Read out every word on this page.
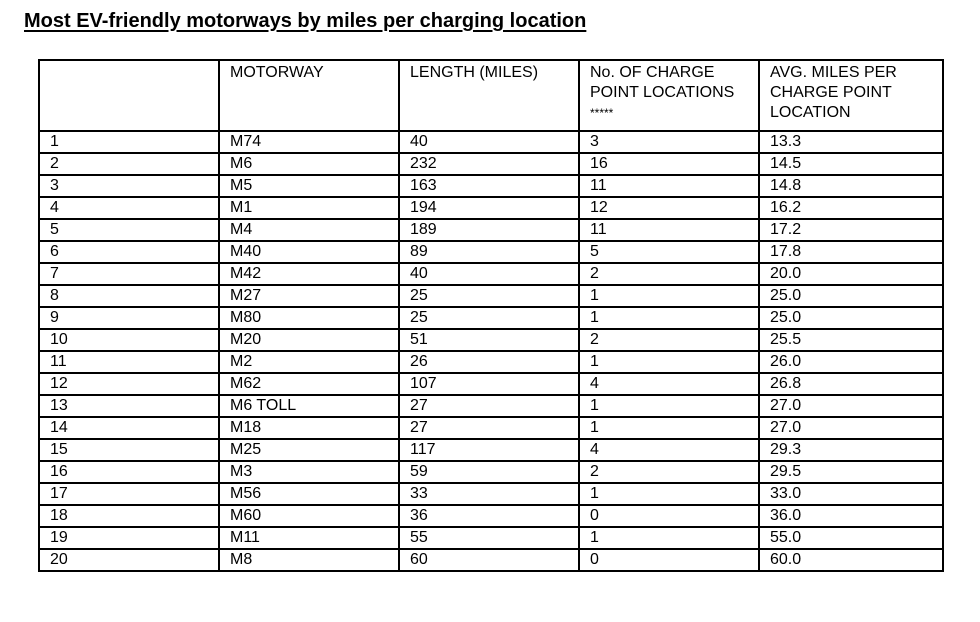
Most EV-friendly motorways by miles per charging location
	MOTORWAY	LENGTH (MILES)	No. OF CHARGE POINT LOCATIONS *****	AVG. MILES PER CHARGE POINT LOCATION
1	M74	40	3	13.3
2	M6	232	16	14.5
3	M5	163	11	14.8
4	M1	194	12	16.2
5	M4	189	11	17.2
6	M40	89	5	17.8
7	M42	40	2	20.0
8	M27	25	1	25.0
9	M80	25	1	25.0
10	M20	51	2	25.5
11	M2	26	1	26.0
12	M62	107	4	26.8
13	M6 TOLL	27	1	27.0
14	M18	27	1	27.0
15	M25	117	4	29.3
16	M3	59	2	29.5
17	M56	33	1	33.0
18	M60	36	0	36.0
19	M11	55	1	55.0
20	M8	60	0	60.0
